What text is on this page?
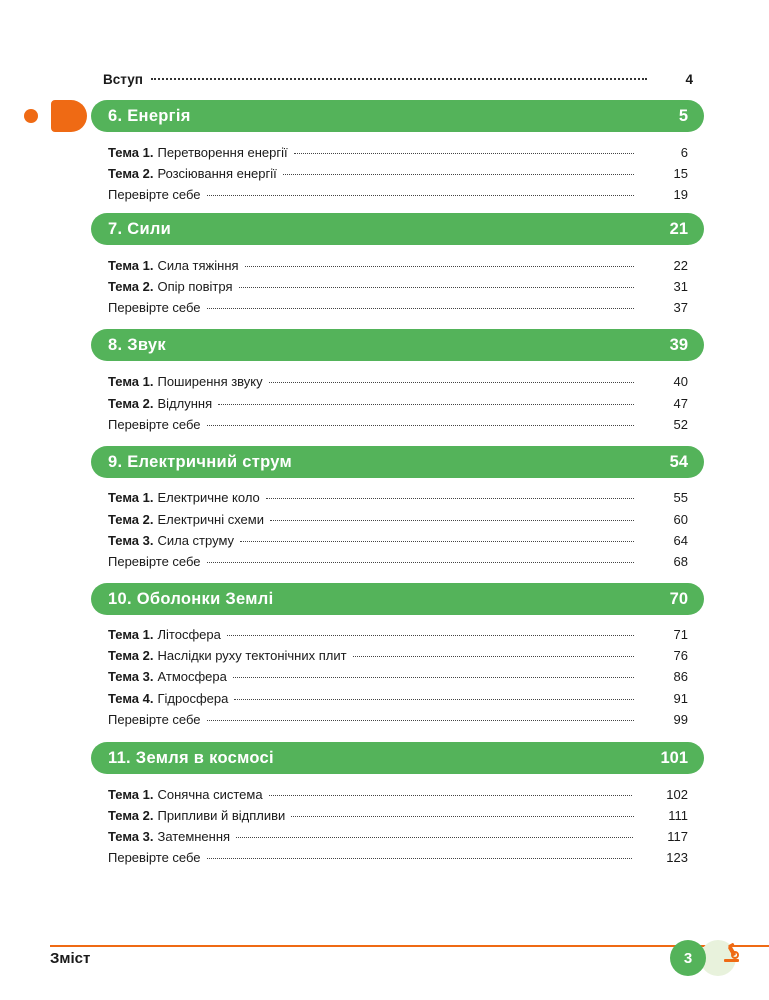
Вступ	4
6. Енергія	5
Тема 1. Перетворення енергії	6
Тема 2. Розсіювання енергії	15
Перевірте себе	19
7. Сили	21
Тема 1. Сила тяжіння	22
Тема 2. Опір повітря	31
Перевірте себе	37
8. Звук	39
Тема 1. Поширення звуку	40
Тема 2. Відлуння	47
Перевірте себе	52
9. Електричний струм	54
Тема 1. Електричне коло	55
Тема 2. Електричні схеми	60
Тема 3. Сила струму	64
Перевірте себе	68
10. Оболонки Землі	70
Тема 1. Літосфера	71
Тема 2. Наслідки руху тектонічних плит	76
Тема 3. Атмосфера	86
Тема 4. Гідросфера	91
Перевірте себе	99
11. Земля в космосі	101
Тема 1. Сонячна система	102
Тема 2. Припливи й відпливи	111
Тема 3. Затемнення	117
Перевірте себе	123
Зміст	3
